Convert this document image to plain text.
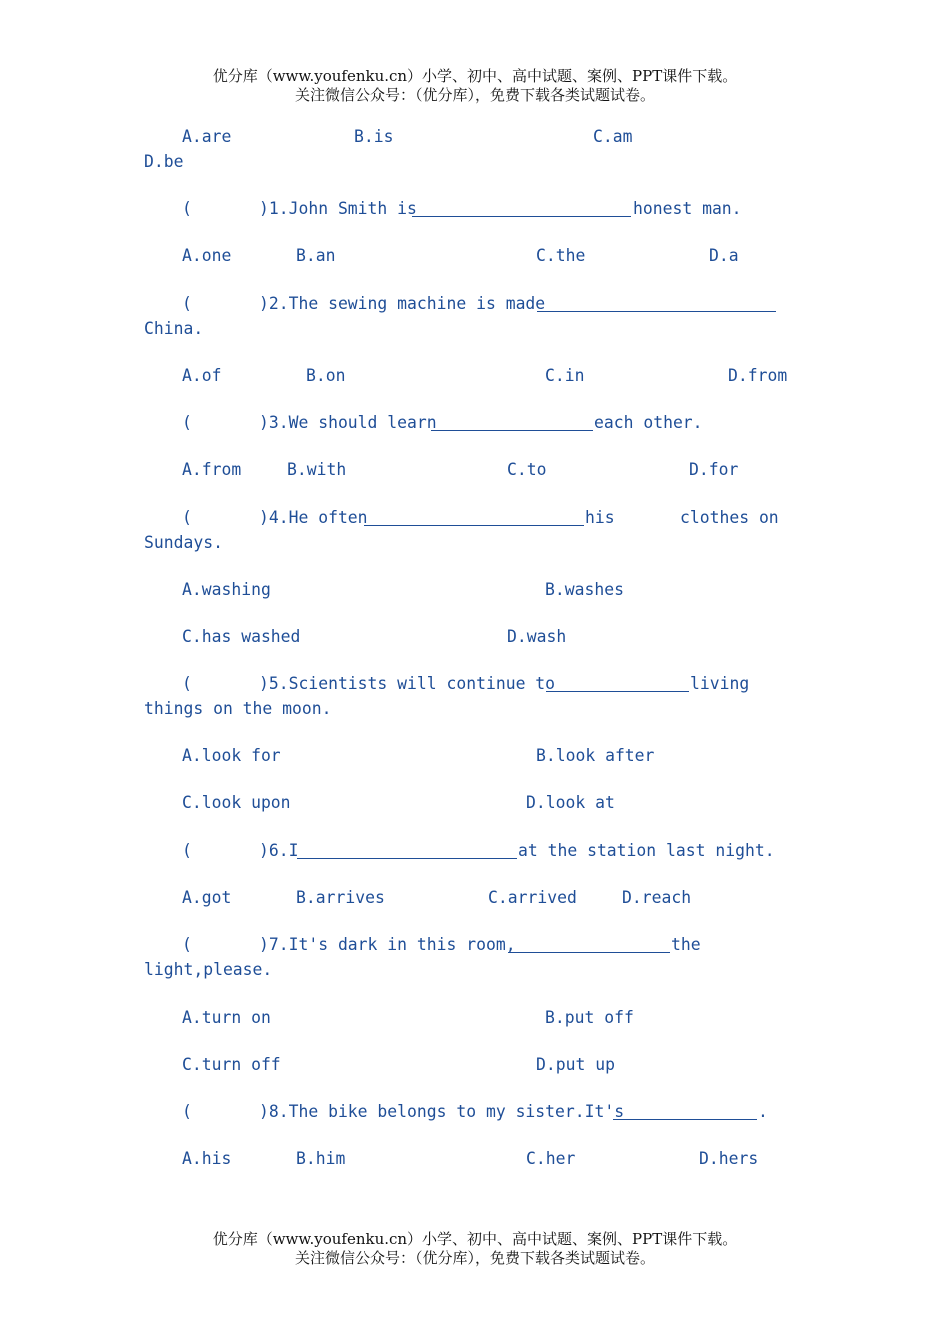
优分库（www.youfenku.cn）小学、初中、高中试题、案例、PPT课件下载。
关注微信公众号：（优分库），免费下载各类试题试卷。
A.are	B.is	C.am
D.be
(	)1.John Smith is	honest man.
A.one	B.an	C.the	D.a
(	)2.The sewing machine is made
China.
A.of	B.on	C.in	D.from
(	)3.We should learn	each other.
A.from	B.with	C.to	D.for
(	)4.He often	his	clothes on
Sundays.
A.washing	B.washes
C.has washed	D.wash
(	)5.Scientists will continue to	living
things on the moon.
A.look for	B.look after
C.look upon	D.look at
(	)6.I	at the station last night.
A.got	B.arrives	C.arrived	D.reach
(	)7.It's dark in this room,	the
light,please.
A.turn on	B.put off
C.turn off	D.put up
(	)8.The bike belongs to my sister.It's	.
A.his	B.him	C.her	D.hers
优分库（www.youfenku.cn）小学、初中、高中试题、案例、PPT课件下载。
关注微信公众号：（优分库），免费下载各类试题试卷。
